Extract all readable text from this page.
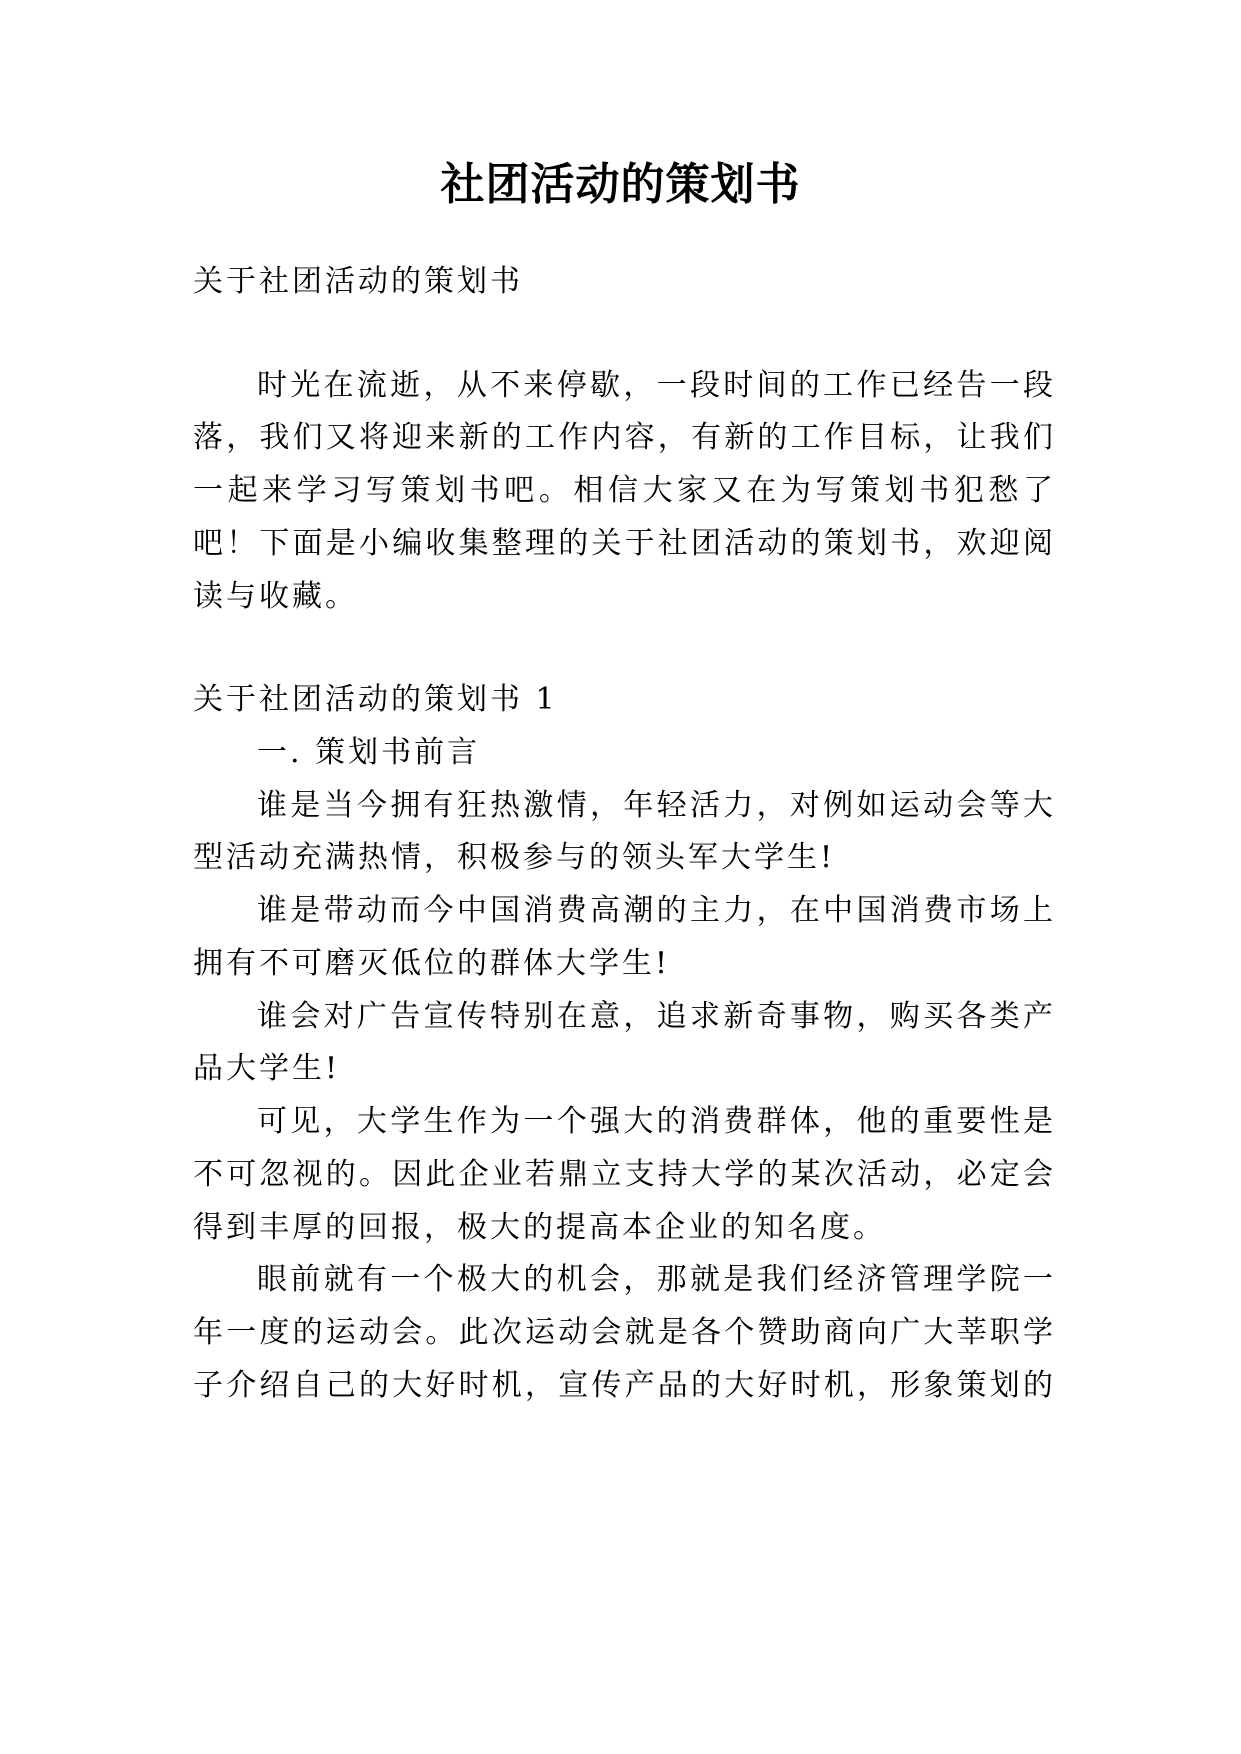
社团活动的策划书
关于社团活动的策划书
时光在流逝，从不来停歇，一段时间的工作已经告一段
落，我们又将迎来新的工作内容，有新的工作目标，让我们
一起来学习写策划书吧。相信大家又在为写策划书犯愁了
吧！下面是小编收集整理的关于社团活动的策划书，欢迎阅
读与收藏。
关于社团活动的策划书 1
一. 策划书前言
谁是当今拥有狂热激情，年轻活力，对例如运动会等大
型活动充满热情，积极参与的领头军大学生!
谁是带动而今中国消费高潮的主力，在中国消费市场上
拥有不可磨灭低位的群体大学生!
谁会对广告宣传特别在意，追求新奇事物，购买各类产
品大学生!
可见，大学生作为一个强大的消费群体，他的重要性是
不可忽视的。因此企业若鼎立支持大学的某次活动，必定会
得到丰厚的回报，极大的提高本企业的知名度。
眼前就有一个极大的机会，那就是我们经济管理学院一
年一度的运动会。此次运动会就是各个赞助商向广大莘职学
子介绍自己的大好时机，宣传产品的大好时机，形象策划的
